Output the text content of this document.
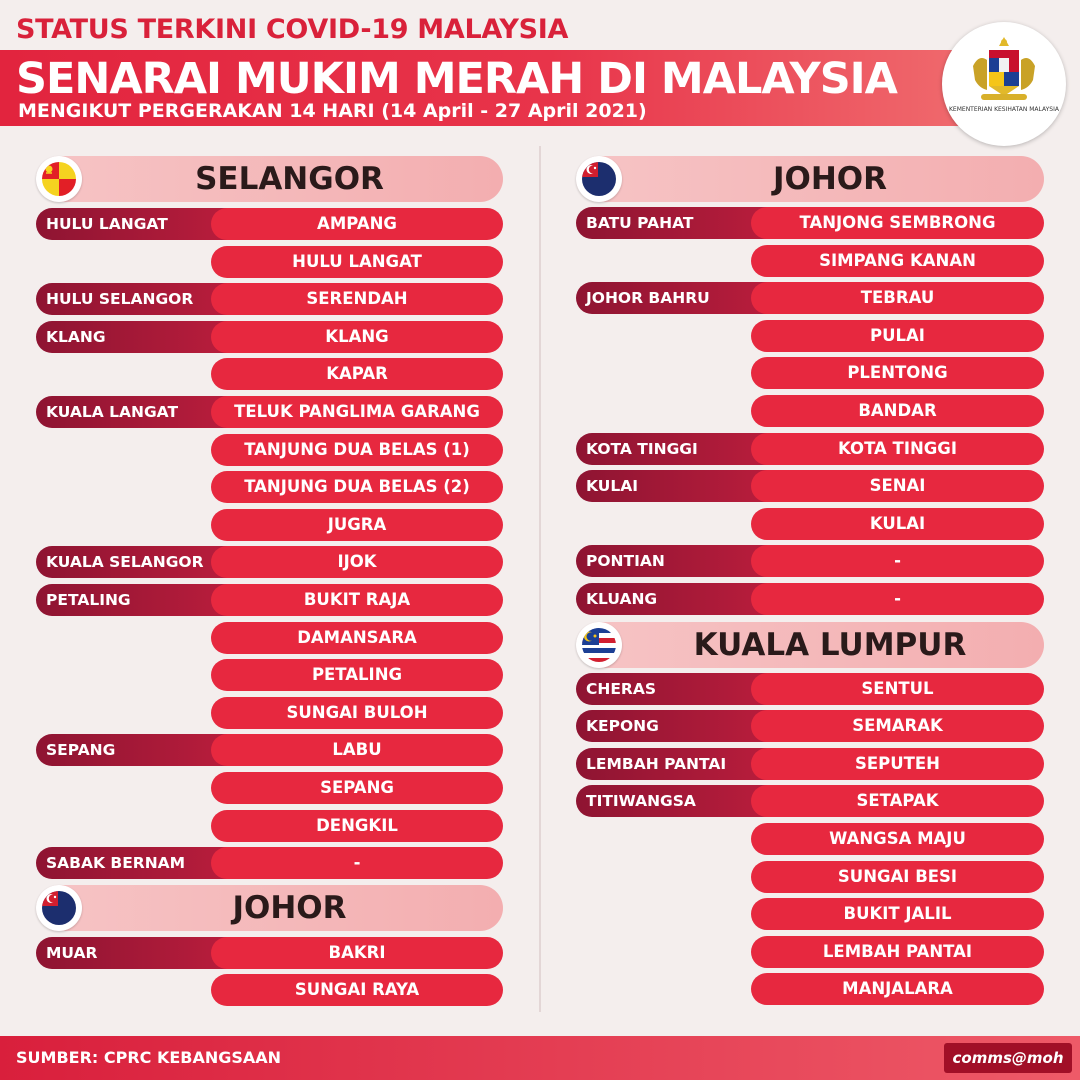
STATUS TERKINI COVID-19 MALAYSIA
SENARAI MUKIM MERAH DI MALAYSIA
MENGIKUT PERGERAKAN 14 HARI (14 April - 27 April 2021)	KEMENTERIAN KESIHATAN MALAYSIA
SELANGOR
HULU LANGAT	AMPANG
HULU LANGAT
HULU SELANGOR	SERENDAH
KLANG	KLANG
KAPAR
KUALA LANGAT	TELUK PANGLIMA GARANG
TANJUNG DUA BELAS (1)
TANJUNG DUA BELAS (2)
JUGRA
KUALA SELANGOR	IJOK
PETALING	BUKIT RAJA
DAMANSARA
PETALING
SUNGAI BULOH
SEPANG	LABU
SEPANG
DENGKIL
SABAK BERNAM	-
JOHOR
MUAR	BAKRI
SUNGAI RAYA
JOHOR
BATU PAHAT	TANJONG SEMBRONG
SIMPANG KANAN
JOHOR BAHRU	TEBRAU
PULAI
PLENTONG
BANDAR
KOTA TINGGI	KOTA TINGGI
KULAI	SENAI
KULAI
PONTIAN	-
KLUANG	-
KUALA LUMPUR
CHERAS	SENTUL
KEPONG	SEMARAK
LEMBAH PANTAI	SEPUTEH
TITIWANGSA	SETAPAK
WANGSA MAJU
SUNGAI BESI
BUKIT JALIL
LEMBAH PANTAI
MANJALARA
SUMBER: CPRC KEBANGSAAN	comms@moh
